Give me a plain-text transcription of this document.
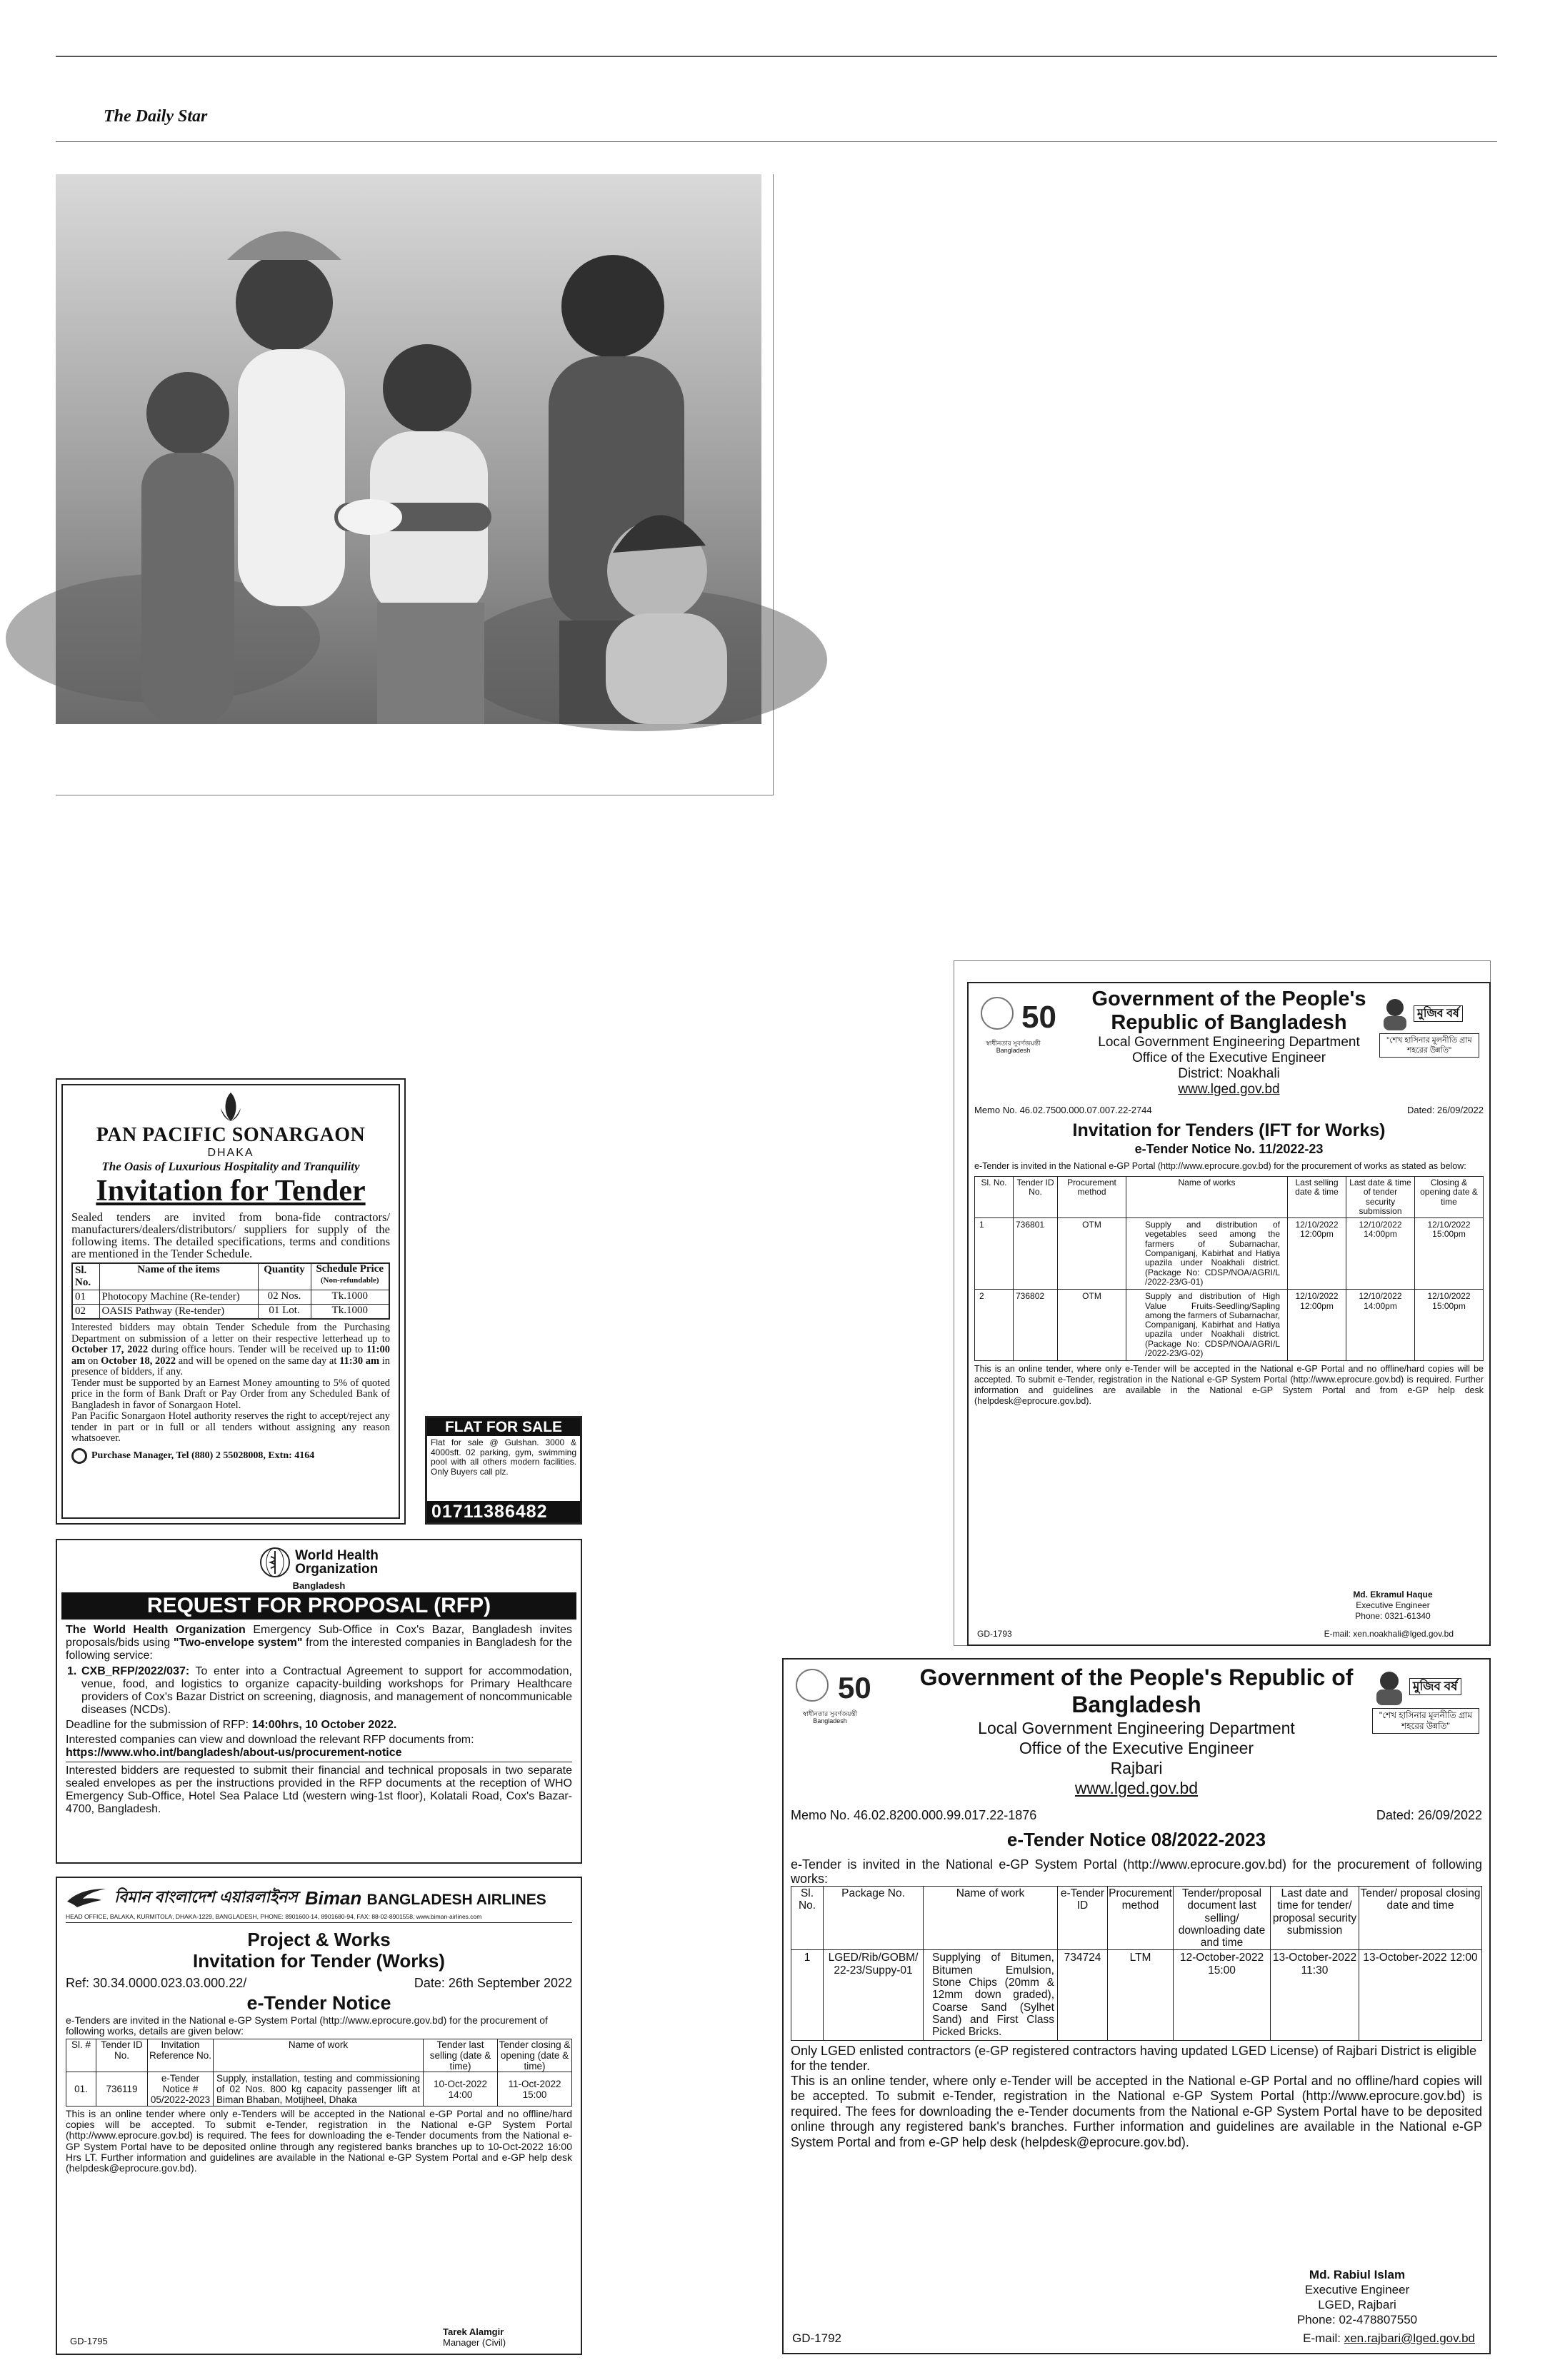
The Daily Star
PAN PACIFIC SONARGAON
DHAKA
The Oasis of Luxurious Hospitality and Tranquility
Invitation for Tender
Sealed tenders are invited from bona-fide contractors/ manufacturers/dealers/distributors/ suppliers for supply of the following items. The detailed specifications, terms and conditions are mentioned in the Tender Schedule.
Sl. No.	Name of the items	Quantity	Schedule Price
(Non-refundable)
01	Photocopy Machine (Re-tender)	02 Nos.	Tk.1000
02	OASIS Pathway (Re-tender)	01 Lot.	Tk.1000
Interested bidders may obtain Tender Schedule from the Purchasing Department on submission of a letter on their respective letterhead up to October 17, 2022 during office hours. Tender will be received up to 11:00 am on October 18, 2022 and will be opened on the same day at 11:30 am in presence of bidders, if any.
Tender must be supported by an Earnest Money amounting to 5% of quoted price in the form of Bank Draft or Pay Order from any Scheduled Bank of Bangladesh in favor of Sonargaon Hotel.
Pan Pacific Sonargaon Hotel authority reserves the right to accept/reject any tender in part or in full or all tenders without assigning any reason whatsoever.
Purchase Manager, Tel (880) 2 55028008, Extn: 4164
FLAT FOR SALE
Flat for sale @ Gulshan. 3000 & 4000sft. 02 parking, gym, swimming pool with all others modern facilities. Only Buyers call plz.
01711386482
World Health
Organization
Bangladesh
REQUEST FOR PROPOSAL (RFP)
The World Health Organization Emergency Sub-Office in Cox's Bazar, Bangladesh invites proposals/bids using "Two-envelope system" from the interested companies in Bangladesh for the following service:
1. CXB_RFP/2022/037: To enter into a Contractual Agreement to support for accommodation, venue, food, and logistics to organize capacity-building workshops for Primary Healthcare providers of Cox's Bazar District on screening, diagnosis, and management of noncommunicable diseases (NCDs).
Deadline for the submission of RFP: 14:00hrs, 10 October 2022.
Interested companies can view and download the relevant RFP documents from:
https://www.who.int/bangladesh/about-us/procurement-notice
Interested bidders are requested to submit their financial and technical proposals in two separate sealed envelopes as per the instructions provided in the RFP documents at the reception of WHO Emergency Sub-Office, Hotel Sea Palace Ltd (western wing-1st floor), Kolatali Road, Cox's Bazar-4700, Bangladesh.
বিমান বাংলাদেশ এয়ারলাইনস Biman BANGLADESH AIRLINES
HEAD OFFICE, BALAKA, KURMITOLA, DHAKA-1229, BANGLADESH, PHONE: 8901600-14, 8901680-94, FAX: 88-02-8901558, www.biman-airlines.com
Project & Works
Invitation for Tender (Works)
Ref: 30.34.0000.023.03.000.22/	Date: 26th September 2022
e-Tender Notice
e-Tenders are invited in the National e-GP System Portal (http://www.eprocure.gov.bd) for the procurement of following works, details are given below:
Sl. #	Tender ID No.	Invitation Reference No.	Name of work	Tender last selling (date & time)	Tender closing & opening (date & time)
01.	736119	e-Tender Notice # 05/2022-2023	Supply, installation, testing and commissioning of 02 Nos. 800 kg capacity passenger lift at Biman Bhaban, Motijheel, Dhaka	10-Oct-2022 14:00	11-Oct-2022 15:00
This is an online tender where only e-Tenders will be accepted in the National e-GP Portal and no offline/hard copies will be accepted. To submit e-Tender, registration in the National e-GP System Portal (http://www.eprocure.gov.bd) is required. The fees for downloading the e-Tender documents from the National e-GP System Portal have to be deposited online through any registered banks branches up to 10-Oct-2022 16:00 Hrs LT. Further information and guidelines are available in the National e-GP System Portal and e-GP help desk (helpdesk@eprocure.gov.bd).
GD-1795
Tarek Alamgir
Manager (Civil)
50
স্বাধীনতার সুবর্ণজয়ন্তী Bangladesh
Government of the People's
Republic of Bangladesh
Local Government Engineering Department
Office of the Executive Engineer
District: Noakhali
www.lged.gov.bd
মুজিব বর্ষ
"শেখ হাসিনার মূলনীতি গ্রাম শহরের উন্নতি"
Memo No. 46.02.7500.000.07.007.22-2744	Dated: 26/09/2022
Invitation for Tenders (IFT for Works)
e-Tender Notice No. 11/2022-23
e-Tender is invited in the National e-GP Portal (http://www.eprocure.gov.bd) for the procurement of works as stated as below:
Sl. No.	Tender ID No.	Procurement method	Name of works	Last selling date & time	Last date & time of tender security submission	Closing & opening date & time
1	736801	OTM	Supply and distribution of vegetables seed among the farmers of Subarnachar, Companiganj, Kabirhat and Hatiya upazila under Noakhali district. (Package No: CDSP/NOA/AGRI/L /2022-23/G-01)	12/10/2022 12:00pm	12/10/2022 14:00pm	12/10/2022 15:00pm
2	736802	OTM	Supply and distribution of High Value Fruits-Seedling/Sapling among the farmers of Subarnachar, Companiganj, Kabirhat and Hatiya upazila under Noakhali district. (Package No: CDSP/NOA/AGRI/L /2022-23/G-02)	12/10/2022 12:00pm	12/10/2022 14:00pm	12/10/2022 15:00pm
This is an online tender, where only e-Tender will be accepted in the National e-GP Portal and no offline/hard copies will be accepted. To submit e-Tender, registration in the National e-GP System Portal (http://www.eprocure.gov.bd) is required. Further information and guidelines are available in the National e-GP System Portal and from e-GP help desk (helpdesk@eprocure.gov.bd).
Md. Ekramul Haque
Executive Engineer
Phone: 0321-61340
GD-1793	E-mail: xen.noakhali@lged.gov.bd
50
স্বাধীনতার সুবর্ণজয়ন্তী Bangladesh
Government of the People's Republic of Bangladesh
Local Government Engineering Department
Office of the Executive Engineer
Rajbari
www.lged.gov.bd
মুজিব বর্ষ
"শেখ হাসিনার মূলনীতি গ্রাম শহরের উন্নতি"
Memo No. 46.02.8200.000.99.017.22-1876	Dated: 26/09/2022
e-Tender Notice 08/2022-2023
e-Tender is invited in the National e-GP System Portal (http://www.eprocure.gov.bd) for the procurement of following works:
Sl. No.	Package No.	Name of work	e-Tender ID	Procurement method	Tender/proposal document last selling/ downloading date and time	Last date and time for tender/ proposal security submission	Tender/ proposal closing date and time
1	LGED/Rib/GOBM/ 22-23/Suppy-01	Supplying of Bitumen, Bitumen Emulsion, Stone Chips (20mm & 12mm down graded), Coarse Sand (Sylhet Sand) and First Class Picked Bricks.	734724	LTM	12-October-2022 15:00	13-October-2022 11:30	13-October-2022 12:00
Only LGED enlisted contractors (e-GP registered contractors having updated LGED License) of Rajbari District is eligible for the tender.
This is an online tender, where only e-Tender will be accepted in the National e-GP Portal and no offline/hard copies will be accepted. To submit e-Tender, registration in the National e-GP System Portal (http://www.eprocure.gov.bd) is required. The fees for downloading the e-Tender documents from the National e-GP System Portal have to be deposited online through any registered bank's branches. Further information and guidelines are available in the National e-GP System Portal and from e-GP help desk (helpdesk@eprocure.gov.bd).
Md. Rabiul Islam
Executive Engineer
LGED, Rajbari
Phone: 02-478807550
GD-1792	E-mail: xen.rajbari@lged.gov.bd
